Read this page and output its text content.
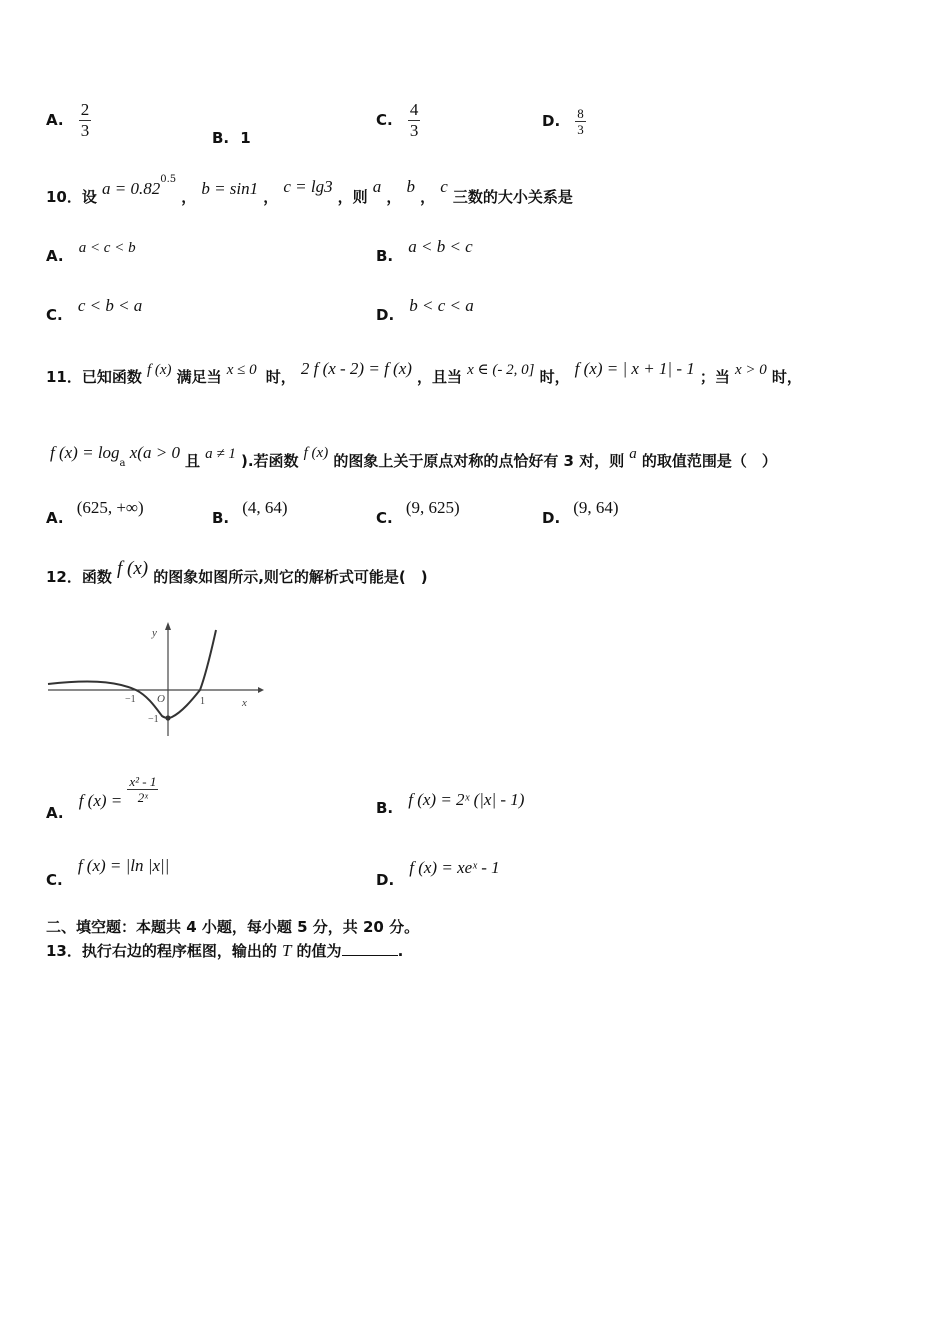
A. $\frac{2}{3}$	B. 1
C. $\frac{4}{3}$	D. $\frac{8}{3}$
10．设 $a = 0.82^{0.5}$ ， b = sin1 ， c = lg3 ，则 a ， b ， c 三数的大小关系是
A. a < c < b	B. a < b < c
C. c < b < a	D. b < c < a
11．已知函数 f (x) 满足当 x ≤ 0 时， 2 f (x - 2) = f (x) ，且当 x ∈ (- 2, 0] 时， f (x) = | x + 1| - 1 ；当 x > 0 时，
f $(x) = \log_a x(a > 0$ 且 a ≠ 1 ).若函数 f (x) 的图象上关于原点对称的点恰好有 3 对，则 a 的取值范围是（　）
A. (625, +∞)
B. (4, 64)
C. (9, 625)
D. (9, 64)
12．函数 f (x) 的图象如图所示,则它的解析式可能是(　)
y
x
O
−1	1
−1
A. f $(x) = \frac{\text{x² - 1}}{\text{2ˣ}}$
B. f (x) = 2ˣ (|x| - 1)
C. f (x) = |ln |x||
D. f (x) = xeˣ - 1
二、填空题：本题共 4 小题，每小题 5 分，共 20 分。
13．执行右边的程序框图，输出的 T 的值为	.
